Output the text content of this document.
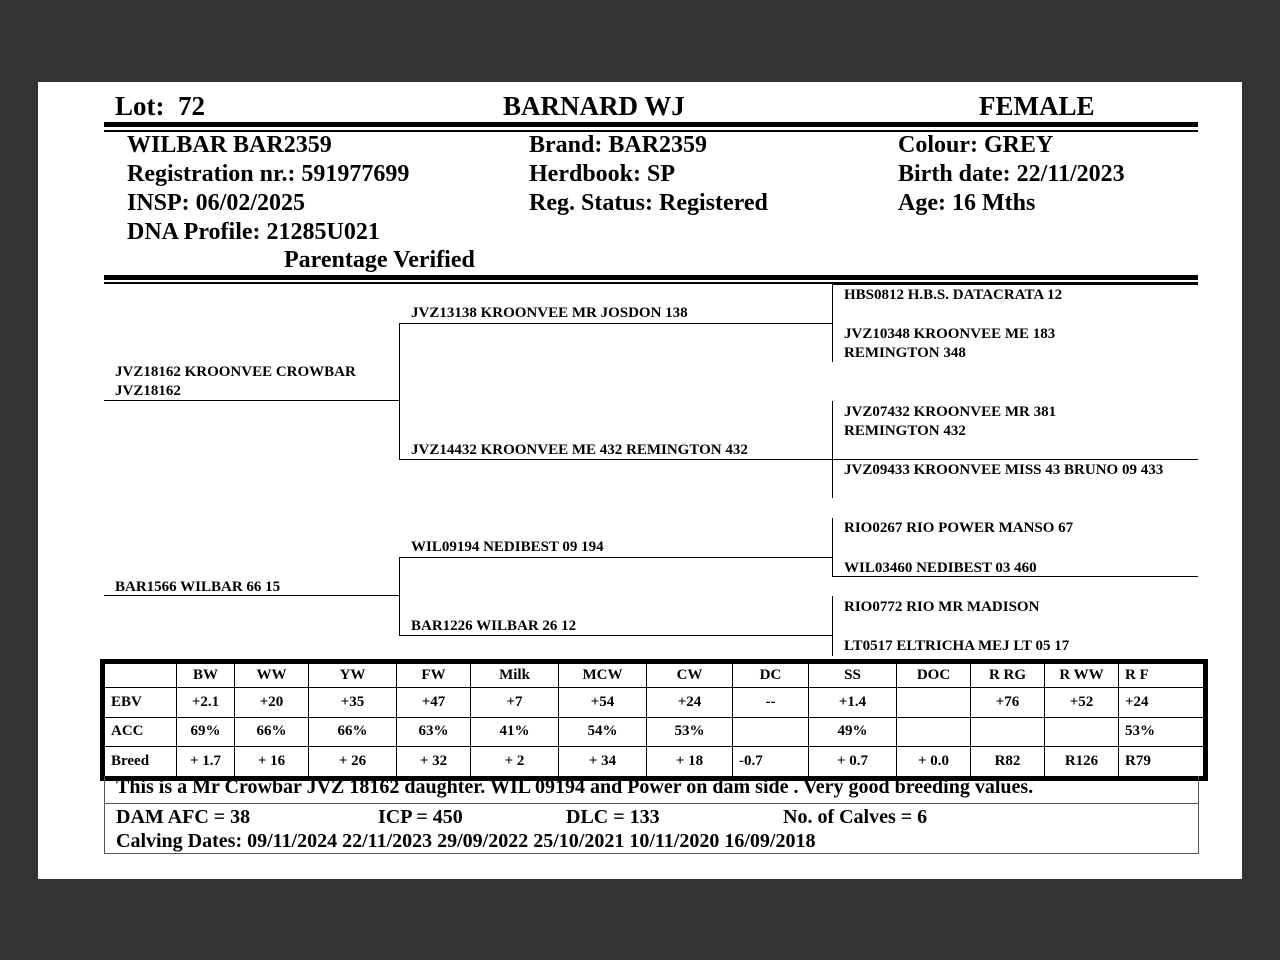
Lot: 72	BARNARD WJ	FEMALE
WILBAR BAR2359
Registration nr.: 591977699
INSP: 06/02/2025
DNA Profile: 21285U021
Parentage Verified
Brand: BAR2359
Herdbook: SP
Reg. Status: Registered
Colour: GREY
Birth date: 22/11/2023
Age: 16 Mths
JVZ18162 KROONVEE CROWBAR JVZ18162
JVZ13138 KROONVEE MR JOSDON 138
JVZ14432 KROONVEE ME 432 REMINGTON 432
HBS0812 H.B.S. DATACRATA 12
JVZ10348 KROONVEE ME 183 REMINGTON 348
JVZ07432 KROONVEE MR 381 REMINGTON 432
JVZ09433 KROONVEE MISS 43 BRUNO 09 433
BAR1566 WILBAR 66 15
WIL09194 NEDIBEST 09 194
BAR1226 WILBAR 26 12
RIO0267 RIO POWER MANSO 67
WIL03460 NEDIBEST 03 460
RIO0772 RIO MR MADISON
LT0517 ELTRICHA MEJ LT 05 17
	BW	WW	YW	FW	Milk	MCW	CW	DC	SS	DOC	R RG	R WW	R F
EBV	+2.1	+20	+35	+47	+7	+54	+24	--	+1.4		+76	+52	+24
ACC	69%	66%	66%	63%	41%	54%	53%		49%				53%
Breed	+ 1.7	+ 16	+ 26	+ 32	+ 2	+ 34	+ 18	-0.7	+ 0.7	+ 0.0	R82	R126	R79
This is a Mr Crowbar JVZ 18162 daughter. WIL 09194 and Power on dam side . Very good breeding values.
DAM AFC = 38	ICP = 450	DLC = 133	No. of Calves = 6
Calving Dates: 09/11/2024 22/11/2023 29/09/2022 25/10/2021 10/11/2020 16/09/2018
